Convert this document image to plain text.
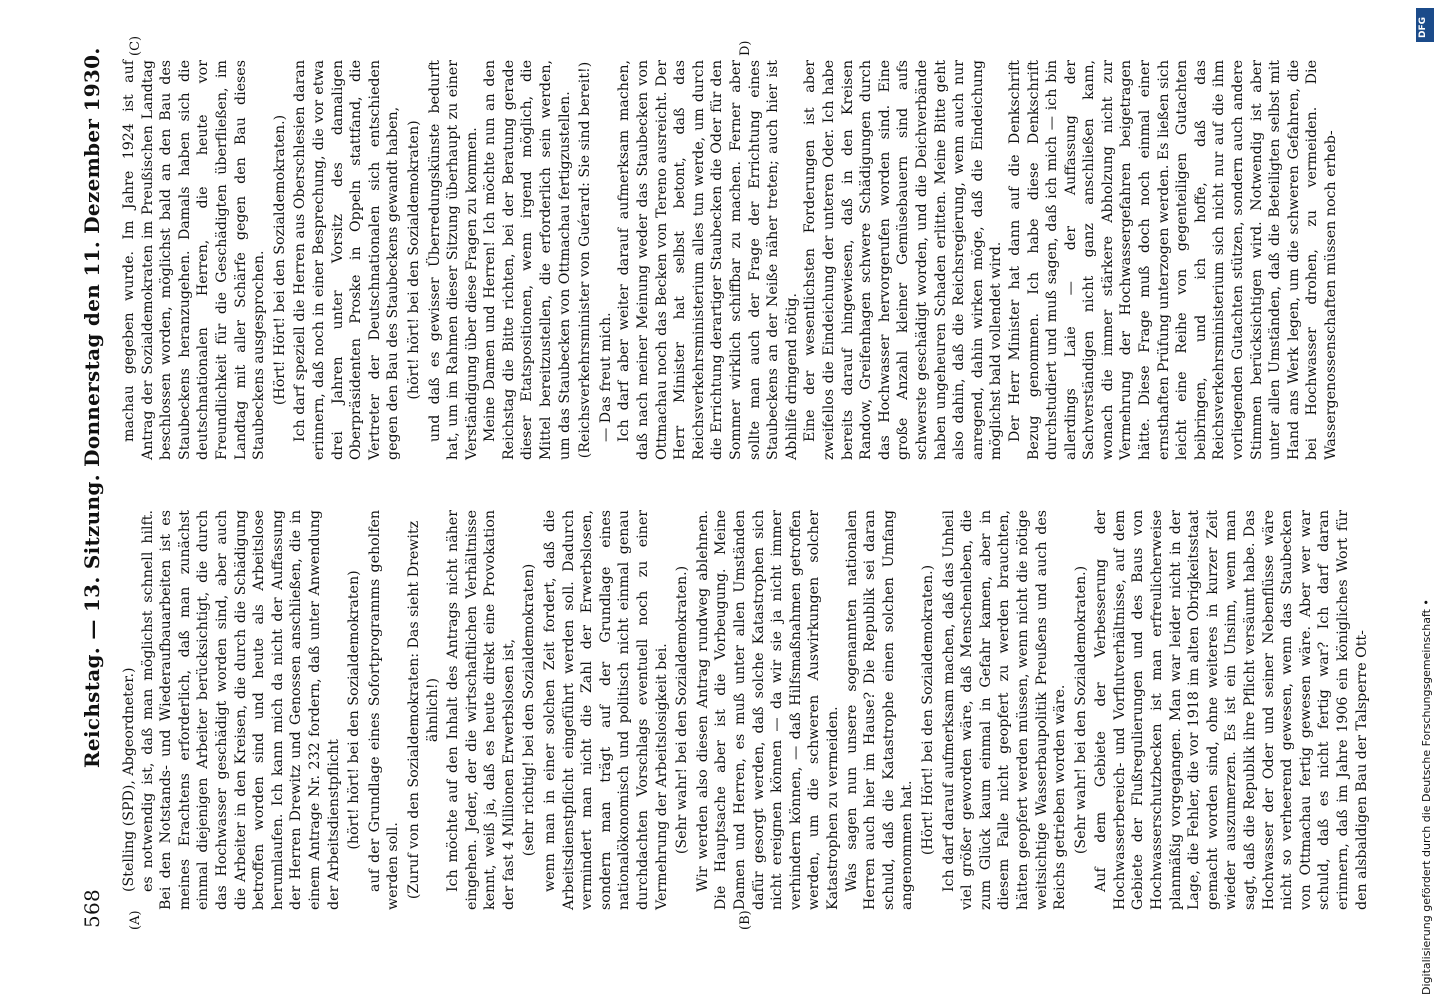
568
Reichstag. — 13. Sitzung. Donnerstag den 11. Dezember 1930.
(A)	(B)
(C)	D)

(Stelling (SPD), Abgeordneter.) es notwendig ist, daß man möglichst schnell hilft. Bei den Notstands- und Wiederaufbauarbeiten ist es meines Erachtens erforderlich, daß man zunächst einmal diejenigen Arbeiter berücksichtigt, die durch das Hochwasser geschädigt worden sind, aber auch die Arbeiter in den Kreisen, die durch die Schädigung betroffen worden sind und heute als Arbeitslose herumlaufen. Ich kann mich da nicht der Auffassung der Herren Drewitz und Genossen anschließen, die in einem Antrage Nr. 232 fordern, daß unter Anwendung der Arbeitsdienstpflicht (hört! hört! bei den Sozialdemokraten) auf der Grundlage eines Sofortprogramms geholfen werden soll. (Zuruf von den Sozialdemokraten: Das sieht Drewitz ähnlich!) Ich möchte auf den Inhalt des Antrags nicht näher eingehen. Jeder, der die wirtschaftlichen Verhältnisse kennt, weiß ja, daß es heute direkt eine Provokation der fast 4 Millionen Erwerbslosen ist, (sehr richtig! bei den Sozialdemokraten) wenn man in einer solchen Zeit fordert, daß die Arbeitsdienstpflicht eingeführt werden soll. Dadurch vermindert man nicht die Zahl der Erwerbslosen, sondern man trägt auf der Grundlage eines nationalökonomisch und politisch nicht einmal genau durchdachten Vorschlags eventuell noch zu einer Vermehrung der Arbeitslosigkeit bei. (Sehr wahr! bei den Sozialdemokraten.) Wir werden also diesen Antrag rundweg ablehnen. Die Hauptsache aber ist die Vorbeugung. Meine Damen und Herren, es muß unter allen Umständen dafür gesorgt werden, daß solche Katastrophen sich nicht ereignen können — da wir sie ja nicht immer verhindern können, — daß Hilfsmaßnahmen getroffen werden, um die schweren Auswirkungen solcher Katastrophen zu vermeiden. Was sagen nun unsere sogenannten nationalen Herren auch hier im Hause? Die Republik sei daran schuld, daß die Katastrophe einen solchen Umfang angenommen hat. (Hört! Hört! bei den Sozialdemokraten.) Ich darf darauf aufmerksam machen, daß das Unheil viel größer geworden wäre, daß Menschenleben, die zum Glück kaum einmal in Gefahr kamen, aber in diesem Falle nicht geopfert zu werden brauchten, hätten geopfert werden müssen, wenn nicht die nötige weitsichtige Wasserbaupolitik Preußens und auch des Reichs getrieben worden wäre. (Sehr wahr! bei den Sozialdemokraten.) Auf dem Gebiete der Verbesserung der Hochwasserbereich- und Vorflutverhältnisse, auf dem Gebiete der Flußregulierungen und des Baus von Hochwasserschutzbecken ist man erfreulicherweise planmäßig vorgegangen. Man war leider nicht in der Lage, die Fehler, die vor 1918 im alten Obrigkeitsstaat gemacht worden sind, ohne weiteres in kurzer Zeit wieder auszumerzen. Es ist ein Unsinn, wenn man sagt, daß die Republik ihre Pflicht versäumt habe. Das Hochwasser der Oder und seiner Nebenflüsse wäre nicht so verheerend gewesen, wenn das Staubecken von Ottmachau fertig gewesen wäre. Aber wer war schuld, daß es nicht fertig war? Ich darf daran erinnern, daß im Jahre 1906 ein königliches Wort für den alsbaldigen Bau der Talsperre Ott-

machau gegeben wurde. Im Jahre 1924 ist auf Antrag der Sozialdemokraten im Preußischen Landtag beschlossen worden, möglichst bald an den Bau des Staubeckens heranzugehen. Damals haben sich die deutschnationalen Herren, die heute vor Freundlichkeit für die Geschädigten überfließen, im Landtag mit aller Schärfe gegen den Bau dieses Staubeckens ausgesprochen. (Hört! Hört! bei den Sozialdemokraten.) Ich darf speziell die Herren aus Oberschlesien daran erinnern, daß noch in einer Besprechung, die vor etwa drei Jahren unter Vorsitz des damaligen Oberpräsidenten Proske in Oppeln stattfand, die Vertreter der Deutschnationalen sich entschieden gegen den Bau des Staubeckens gewandt haben, (hört! hört! bei den Sozialdemokraten) und daß es gewisser Überredungskünste bedurft hat, um im Rahmen dieser Sitzung überhaupt zu einer Verständigung über diese Fragen zu kommen. Meine Damen und Herren! Ich möchte nun an den Reichstag die Bitte richten, bei der Beratung gerade dieser Etatspositionen, wenn irgend möglich, die Mittel bereitzustellen, die erforderlich sein werden, um das Staubecken von Ottmachau fertigzustellen. (Reichsverkehrsminister von Guérard: Sie sind bereit!) — Das freut mich. Ich darf aber weiter darauf aufmerksam machen, daß nach meiner Meinung weder das Staubecken von Ottmachau noch das Becken von Tereno ausreicht. Der Herr Minister hat selbst betont, daß das Reichsverkehrsministerium alles tun werde, um durch die Errichtung derartiger Staubecken die Oder für den Sommer wirklich schiffbar zu machen. Ferner aber sollte man auch der Frage der Errichtung eines Staubeckens an der Neiße näher treten; auch hier ist Abhilfe dringend nötig. Eine der wesentlichsten Forderungen ist aber zweifellos die Eindeichung der unteren Oder. Ich habe bereits darauf hingewiesen, daß in den Kreisen Randow, Greifenhagen schwere Schädigungen durch das Hochwasser hervorgerufen worden sind. Eine große Anzahl kleiner Gemüsebauern sind aufs schwerste geschädigt worden, und die Deichverbände haben ungeheuren Schaden erlitten. Meine Bitte geht also dahin, daß die Reichsregierung, wenn auch nur anregend, dahin wirken möge, daß die Eindeichung möglichst bald vollendet wird. Der Herr Minister hat dann auf die Denkschrift Bezug genommen. Ich habe diese Denkschrift durchstudiert und muß sagen, daß ich mich — ich bin allerdings Laie — der Auffassung der Sachverständigen nicht ganz anschließen kann, wonach die immer stärkere Abholzung nicht zur Vermehrung der Hochwassergefahren beigetragen hätte. Diese Frage muß doch noch einmal einer ernsthaften Prüfung unterzogen werden. Es ließen sich leicht eine Reihe von gegenteiligen Gutachten beibringen, und ich hoffe, daß das Reichsverkehrsministerium sich nicht nur auf die ihm vorliegenden Gutachten stützen, sondern auch andere Stimmen berücksichtigen wird. Notwendig ist aber unter allen Umständen, daß die Beteiligten selbst mit Hand ans Werk legen, um die schweren Gefahren, die bei Hochwasser drohen, zu vermeiden. Die Wassergenossenschaften müssen noch erheb-

DFG
Digitalisierung gefördert durch die Deutsche Forschungsgemeinschaft •
